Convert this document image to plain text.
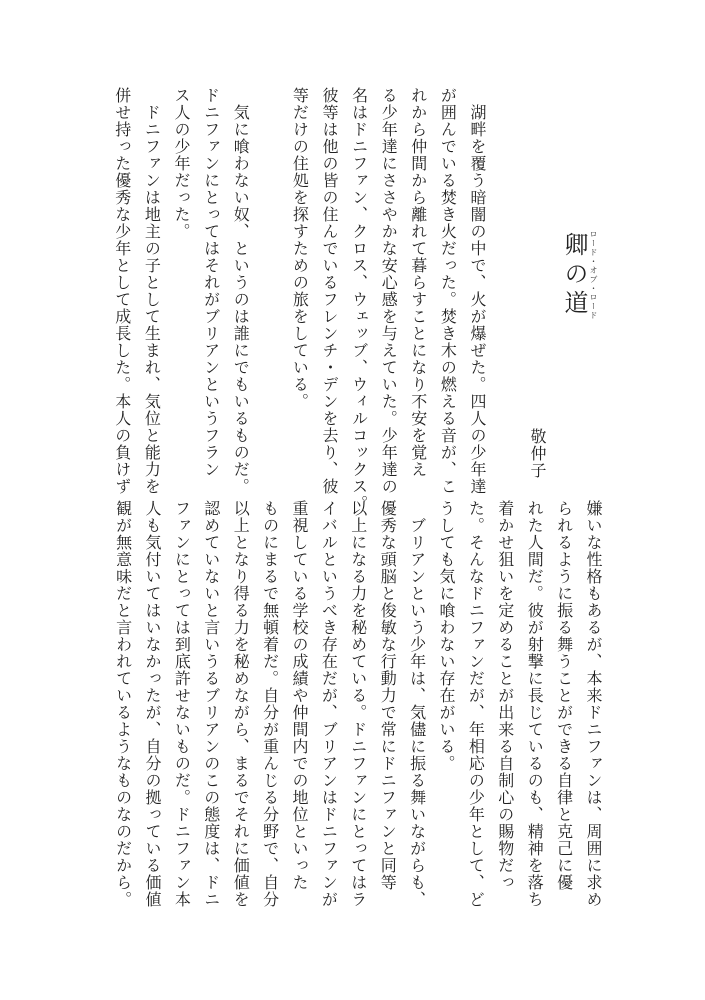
ロード・オブ・ロード
卿の道
敬仲子
　湖畔を覆う暗闇の中で、火が爆ぜた。四人の少年達
が囲んでいる焚き火だった。焚き木の燃える音が、こ
れから仲間から離れて暮らすことになり不安を覚え
る少年達にささやかな安心感を与えていた。少年達の
名はドニファン、クロス、ウェッブ、ウィルコックス。
彼等は他の皆の住んでいるフレンチ・デンを去り、彼
等だけの住処を探すための旅をしている。
　気に喰わない奴、というのは誰にでもいるものだ。
ドニファンにとってはそれがブリアンというフラン
ス人の少年だった。
　ドニファンは地主の子として生まれ、気位と能力を
併せ持った優秀な少年として成長した。本人の負けず
嫌いな性格もあるが、本来ドニファンは、周囲に求め
られるように振る舞うことができる自律と克己に優
れた人間だ。彼が射撃に長じているのも、精神を落ち
着かせ狙いを定めることが出来る自制心の賜物だっ
た。そんなドニファンだが、年相応の少年として、ど
うしても気に喰わない存在がいる。
　ブリアンという少年は、気儘に振る舞いながらも、
優秀な頭脳と俊敏な行動力で常にドニファンと同等
以上になる力を秘めている。ドニファンにとってはラ
イバルというべき存在だが、ブリアンはドニファンが
重視している学校の成績や仲間内での地位といった
ものにまるで無頓着だ。自分が重んじる分野で、自分
以上となり得る力を秘めながら、まるでそれに価値を
認めていないと言いうるブリアンのこの態度は、ドニ
ファンにとっては到底許せないものだ。ドニファン本
人も気付いてはいなかったが、自分の拠っている価値
観が無意味だと言われているようなものなのだから。
